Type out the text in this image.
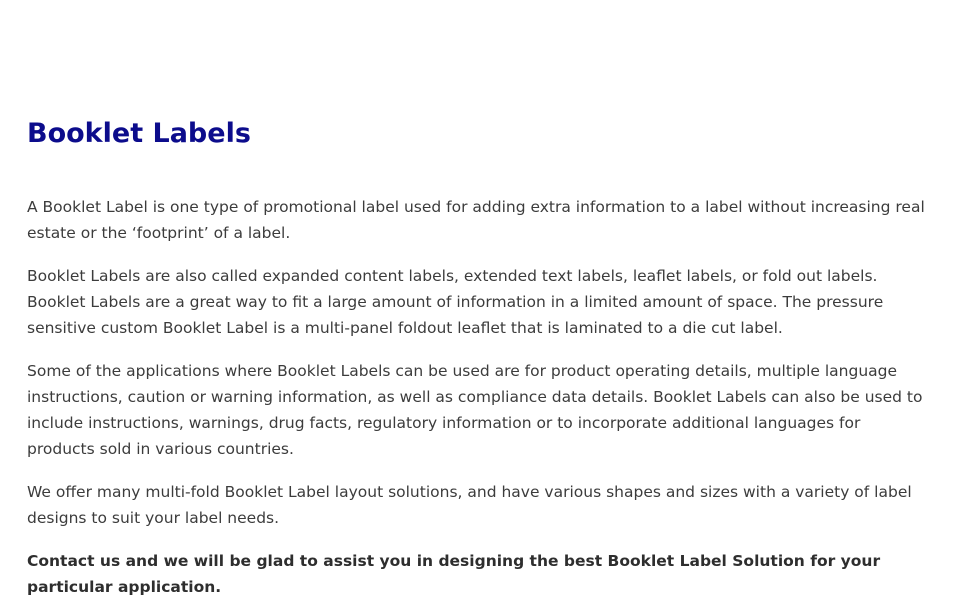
Booklet Labels

A Booklet Label is one type of promotional label used for adding extra information to a label without increasing real estate or the ‘footprint’ of a label.

Booklet Labels are also called expanded content labels, extended text labels, leaflet labels, or fold out labels. Booklet Labels are a great way to fit a large amount of information in a limited amount of space. The pressure sensitive custom Booklet Label is a multi-panel foldout leaflet that is laminated to a die cut label.

Some of the applications where Booklet Labels can be used are for product operating details, multiple language instructions, caution or warning information, as well as compliance data details. Booklet Labels can also be used to include instructions, warnings, drug facts, regulatory information or to incorporate additional languages for products sold in various countries.

We offer many multi-fold Booklet Label layout solutions, and have various shapes and sizes with a variety of label designs to suit your label needs.

Contact us and we will be glad to assist you in designing the best Booklet Label Solution for your particular application.
